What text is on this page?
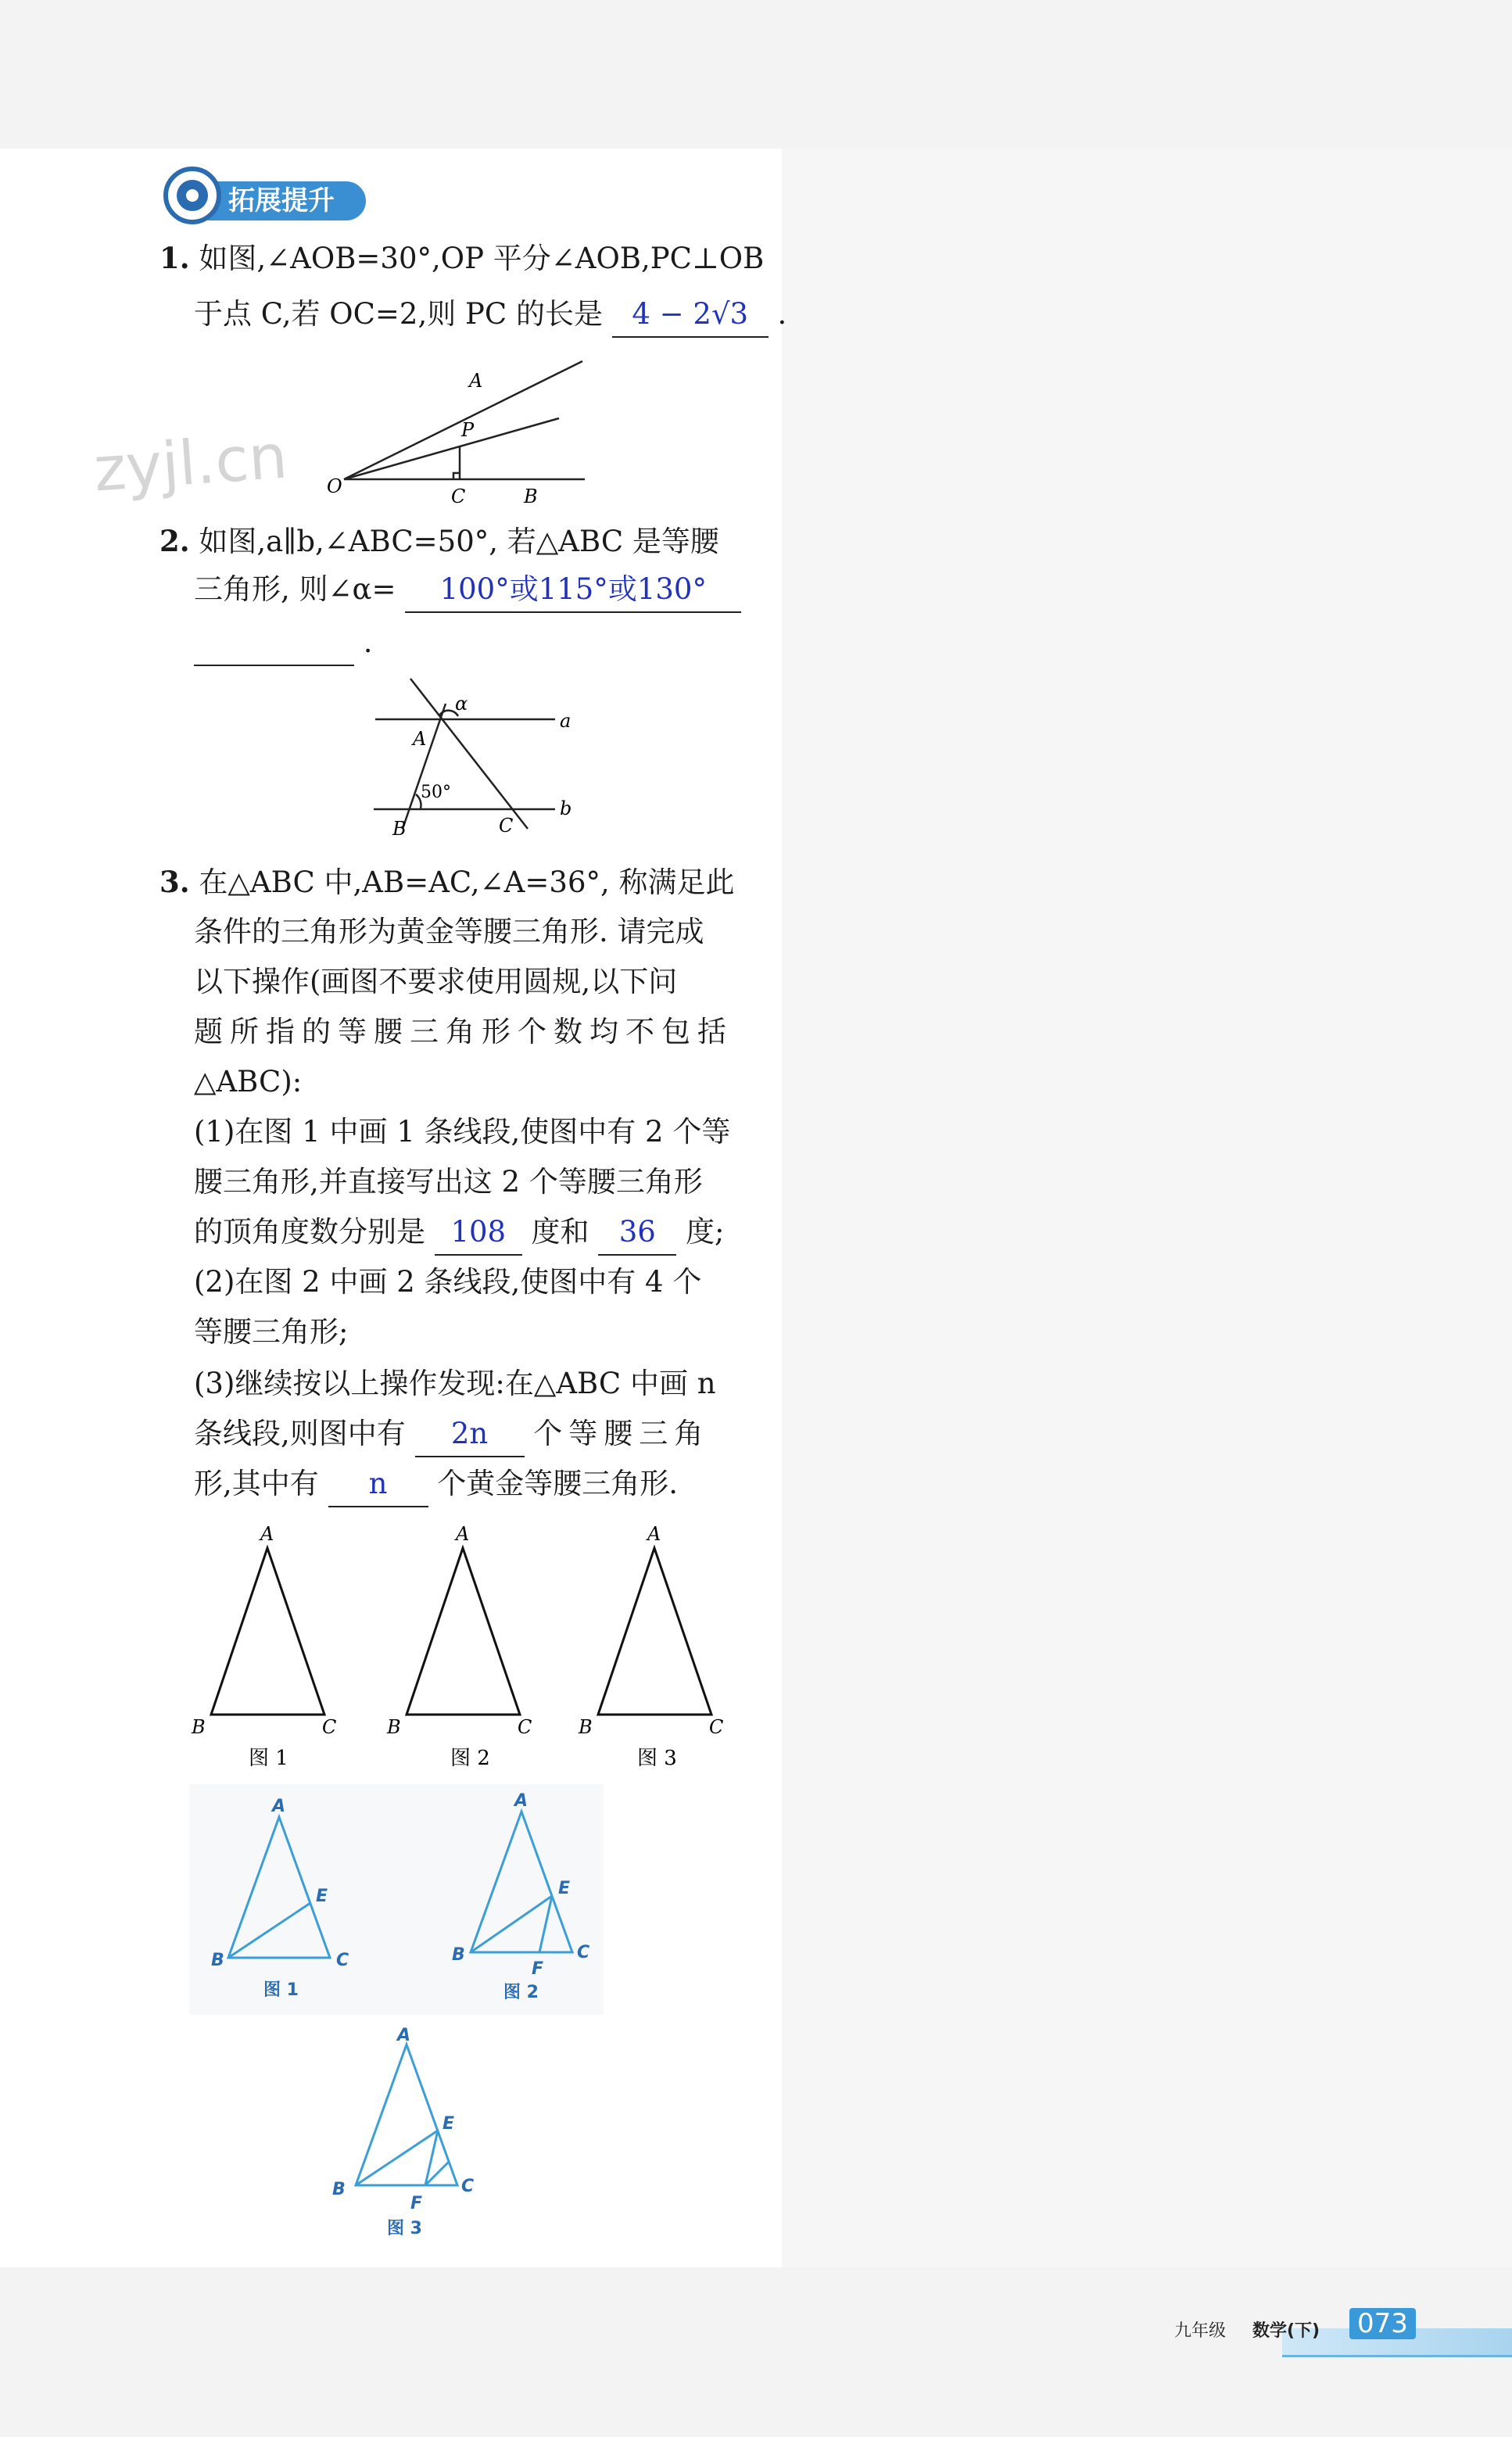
拓展提升
zyjl.cn
1. 如图,∠AOB=30°,OP 平分∠AOB,PC⊥OB
于点 C,若 OC=2,则 PC 的长是 4 − 2√3 .
A
P
O	C	B
2. 如图,a∥b,∠ABC=50°, 若△ABC 是等腰
三角形, 则∠α= 100°或115°或130°
.
α
a
A
50°
b
B	C
3. 在△ABC 中,AB=AC,∠A=36°, 称满足此
条件的三角形为黄金等腰三角形. 请完成
以下操作(画图不要求使用圆规,以下问
题所指的等腰三角形个数均不包括
△ABC):
(1)在图 1 中画 1 条线段,使图中有 2 个等
腰三角形,并直接写出这 2 个等腰三角形
的顶角度数分别是 108 度和 36 度;
(2)在图 2 中画 2 条线段,使图中有 4 个
等腰三角形;
(3)继续按以上操作发现:在△ABC 中画 n
条线段,则图中有 2n 个等腰三角
形,其中有 n 个黄金等腰三角形.
A
B	C
图 1
A
B	C
图 2
A
B	C
图 3
A
B	C
E
图 1
A
B	C
E
F
图 2
A
B	C
E
F
图 3
九年级 数学(下) 073
